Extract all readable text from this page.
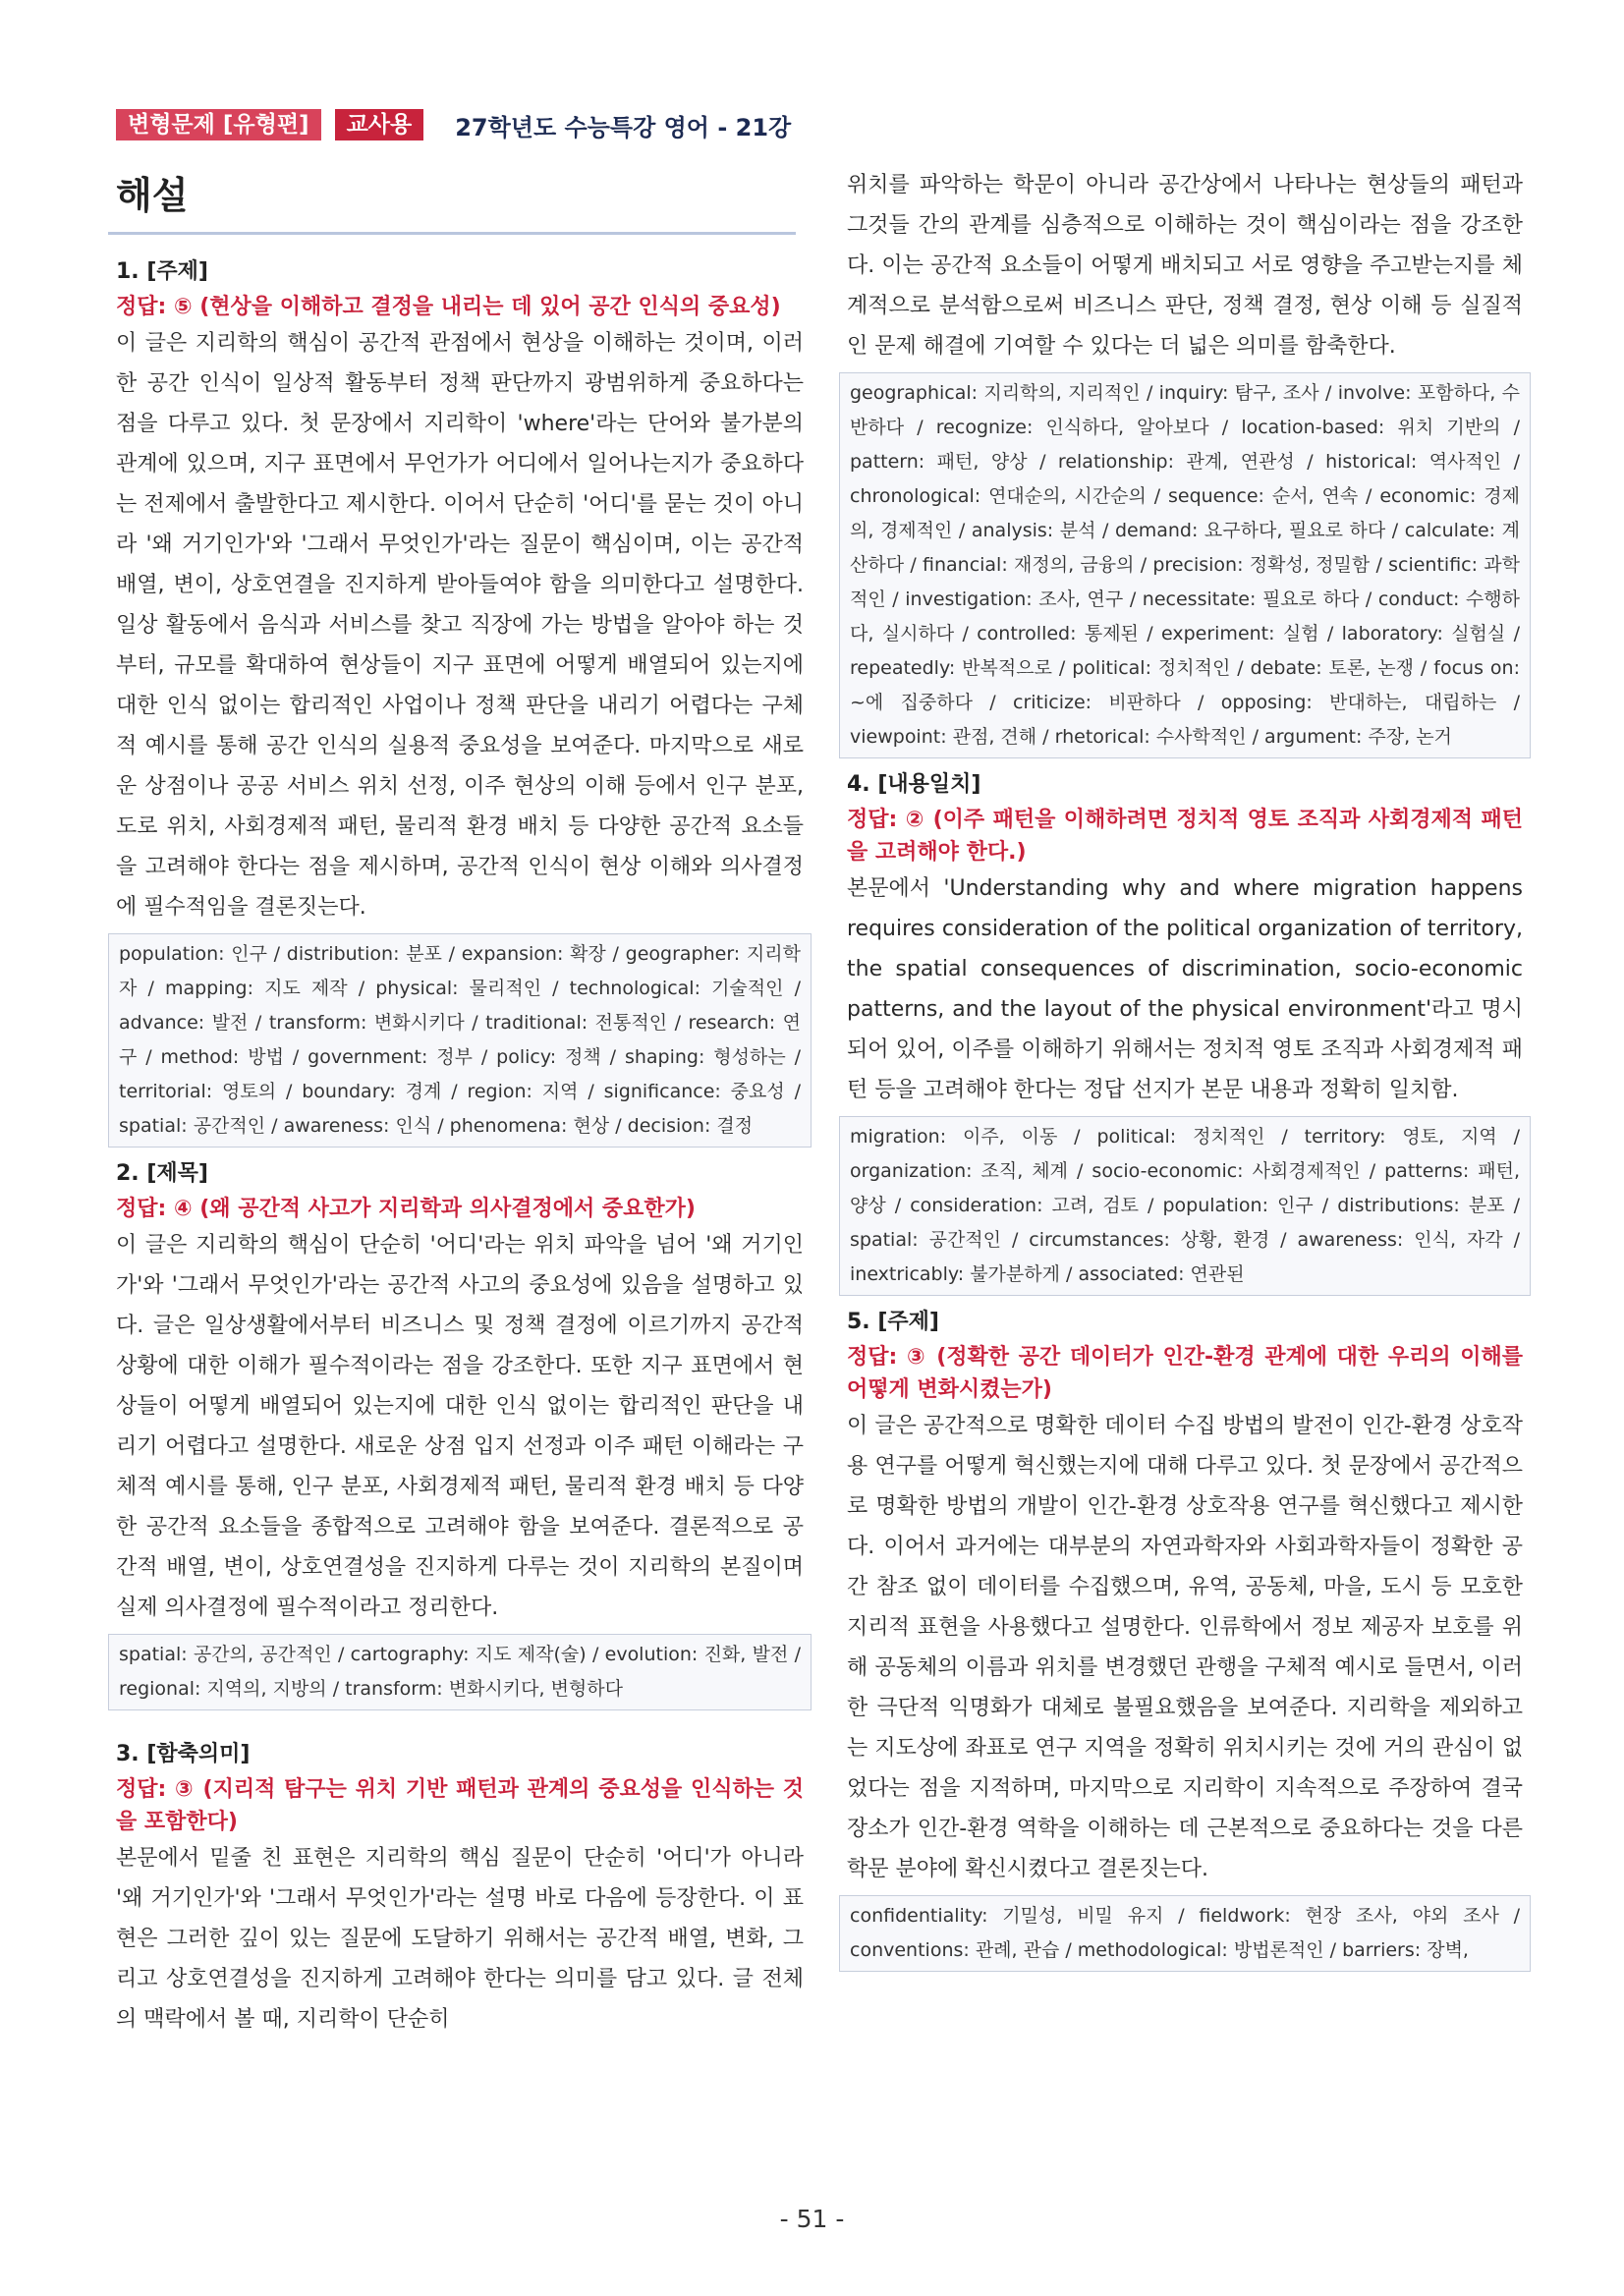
변형문제 [유형편]	교사용	27학년도 수능특강 영어 - 21강
해설
1. [주제]

정답: ⑤ (현상을 이해하고 결정을 내리는 데 있어 공간 인식의 중요성)

이 글은 지리학의 핵심이 공간적 관점에서 현상을 이해하는 것이며, 이러한 공간 인식이 일상적 활동부터 정책 판단까지 광범위하게 중요하다는 점을 다루고 있다. 첫 문장에서 지리학이 'where'라는 단어와 불가분의 관계에 있으며, 지구 표면에서 무언가가 어디에서 일어나는지가 중요하다는 전제에서 출발한다고 제시한다. 이어서 단순히 '어디'를 묻는 것이 아니라 '왜 거기인가'와 '그래서 무엇인가'라는 질문이 핵심이며, 이는 공간적 배열, 변이, 상호연결을 진지하게 받아들여야 함을 의미한다고 설명한다. 일상 활동에서 음식과 서비스를 찾고 직장에 가는 방법을 알아야 하는 것부터, 규모를 확대하여 현상들이 지구 표면에 어떻게 배열되어 있는지에 대한 인식 없이는 합리적인 사업이나 정책 판단을 내리기 어렵다는 구체적 예시를 통해 공간 인식의 실용적 중요성을 보여준다. 마지막으로 새로운 상점이나 공공 서비스 위치 선정, 이주 현상의 이해 등에서 인구 분포, 도로 위치, 사회경제적 패턴, 물리적 환경 배치 등 다양한 공간적 요소들을 고려해야 한다는 점을 제시하며, 공간적 인식이 현상 이해와 의사결정에 필수적임을 결론짓는다.

population: 인구 / distribution: 분포 / expansion: 확장 / geographer: 지리학자 / mapping: 지도 제작 / physical: 물리적인 / technological: 기술적인 / advance: 발전 / transform: 변화시키다 / traditional: 전통적인 / research: 연구 / method: 방법 / government: 정부 / policy: 정책 / shaping: 형성하는 / territorial: 영토의 / boundary: 경계 / region: 지역 / significance: 중요성 / spatial: 공간적인 / awareness: 인식 / phenomena: 현상 / decision: 결정
2. [제목]

정답: ④ (왜 공간적 사고가 지리학과 의사결정에서 중요한가)

이 글은 지리학의 핵심이 단순히 '어디'라는 위치 파악을 넘어 '왜 거기인가'와 '그래서 무엇인가'라는 공간적 사고의 중요성에 있음을 설명하고 있다. 글은 일상생활에서부터 비즈니스 및 정책 결정에 이르기까지 공간적 상황에 대한 이해가 필수적이라는 점을 강조한다. 또한 지구 표면에서 현상들이 어떻게 배열되어 있는지에 대한 인식 없이는 합리적인 판단을 내리기 어렵다고 설명한다. 새로운 상점 입지 선정과 이주 패턴 이해라는 구체적 예시를 통해, 인구 분포, 사회경제적 패턴, 물리적 환경 배치 등 다양한 공간적 요소들을 종합적으로 고려해야 함을 보여준다. 결론적으로 공간적 배열, 변이, 상호연결성을 진지하게 다루는 것이 지리학의 본질이며 실제 의사결정에 필수적이라고 정리한다.

spatial: 공간의, 공간적인 / cartography: 지도 제작(술) / evolution: 진화, 발전 / regional: 지역의, 지방의 / transform: 변화시키다, 변형하다
3. [함축의미]

정답: ③ (지리적 탐구는 위치 기반 패턴과 관계의 중요성을 인식하는 것을 포함한다)

본문에서 밑줄 친 표현은 지리학의 핵심 질문이 단순히 '어디'가 아니라 '왜 거기인가'와 '그래서 무엇인가'라는 설명 바로 다음에 등장한다. 이 표현은 그러한 깊이 있는 질문에 도달하기 위해서는 공간적 배열, 변화, 그리고 상호연결성을 진지하게 고려해야 한다는 의미를 담고 있다. 글 전체의 맥락에서 볼 때, 지리학이 단순히

위치를 파악하는 학문이 아니라 공간상에서 나타나는 현상들의 패턴과 그것들 간의 관계를 심층적으로 이해하는 것이 핵심이라는 점을 강조한다. 이는 공간적 요소들이 어떻게 배치되고 서로 영향을 주고받는지를 체계적으로 분석함으로써 비즈니스 판단, 정책 결정, 현상 이해 등 실질적인 문제 해결에 기여할 수 있다는 더 넓은 의미를 함축한다.

geographical: 지리학의, 지리적인 / inquiry: 탐구, 조사 / involve: 포함하다, 수반하다 / recognize: 인식하다, 알아보다 / location-based: 위치 기반의 / pattern: 패턴, 양상 / relationship: 관계, 연관성 / historical: 역사적인 / chronological: 연대순의, 시간순의 / sequence: 순서, 연속 / economic: 경제의, 경제적인 / analysis: 분석 / demand: 요구하다, 필요로 하다 / calculate: 계산하다 / financial: 재정의, 금융의 / precision: 정확성, 정밀함 / scientific: 과학적인 / investigation: 조사, 연구 / necessitate: 필요로 하다 / conduct: 수행하다, 실시하다 / controlled: 통제된 / experiment: 실험 / laboratory: 실험실 / repeatedly: 반복적으로 / political: 정치적인 / debate: 토론, 논쟁 / focus on: ~에 집중하다 / criticize: 비판하다 / opposing: 반대하는, 대립하는 / viewpoint: 관점, 견해 / rhetorical: 수사학적인 / argument: 주장, 논거
4. [내용일치]

정답: ② (이주 패턴을 이해하려면 정치적 영토 조직과 사회경제적 패턴을 고려해야 한다.)

본문에서 'Understanding why and where migration happens requires consideration of the political organization of territory, the spatial consequences of discrimination, socio-economic patterns, and the layout of the physical environment'라고 명시되어 있어, 이주를 이해하기 위해서는 정치적 영토 조직과 사회경제적 패턴 등을 고려해야 한다는 정답 선지가 본문 내용과 정확히 일치함.

migration: 이주, 이동 / political: 정치적인 / territory: 영토, 지역 / organization: 조직, 체계 / socio-economic: 사회경제적인 / patterns: 패턴, 양상 / consideration: 고려, 검토 / population: 인구 / distributions: 분포 / spatial: 공간적인 / circumstances: 상황, 환경 / awareness: 인식, 자각 / inextricably: 불가분하게 / associated: 연관된
5. [주제]

정답: ③ (정확한 공간 데이터가 인간-환경 관계에 대한 우리의 이해를 어떻게 변화시켰는가)

이 글은 공간적으로 명확한 데이터 수집 방법의 발전이 인간-환경 상호작용 연구를 어떻게 혁신했는지에 대해 다루고 있다. 첫 문장에서 공간적으로 명확한 방법의 개발이 인간-환경 상호작용 연구를 혁신했다고 제시한다. 이어서 과거에는 대부분의 자연과학자와 사회과학자들이 정확한 공간 참조 없이 데이터를 수집했으며, 유역, 공동체, 마을, 도시 등 모호한 지리적 표현을 사용했다고 설명한다. 인류학에서 정보 제공자 보호를 위해 공동체의 이름과 위치를 변경했던 관행을 구체적 예시로 들면서, 이러한 극단적 익명화가 대체로 불필요했음을 보여준다. 지리학을 제외하고는 지도상에 좌표로 연구 지역을 정확히 위치시키는 것에 거의 관심이 없었다는 점을 지적하며, 마지막으로 지리학이 지속적으로 주장하여 결국 장소가 인간-환경 역학을 이해하는 데 근본적으로 중요하다는 것을 다른 학문 분야에 확신시켰다고 결론짓는다.

confidentiality: 기밀성, 비밀 유지 / fieldwork: 현장 조사, 야외 조사 / conventions: 관례, 관습 / methodological: 방법론적인 / barriers: 장벽,
- 51 -
